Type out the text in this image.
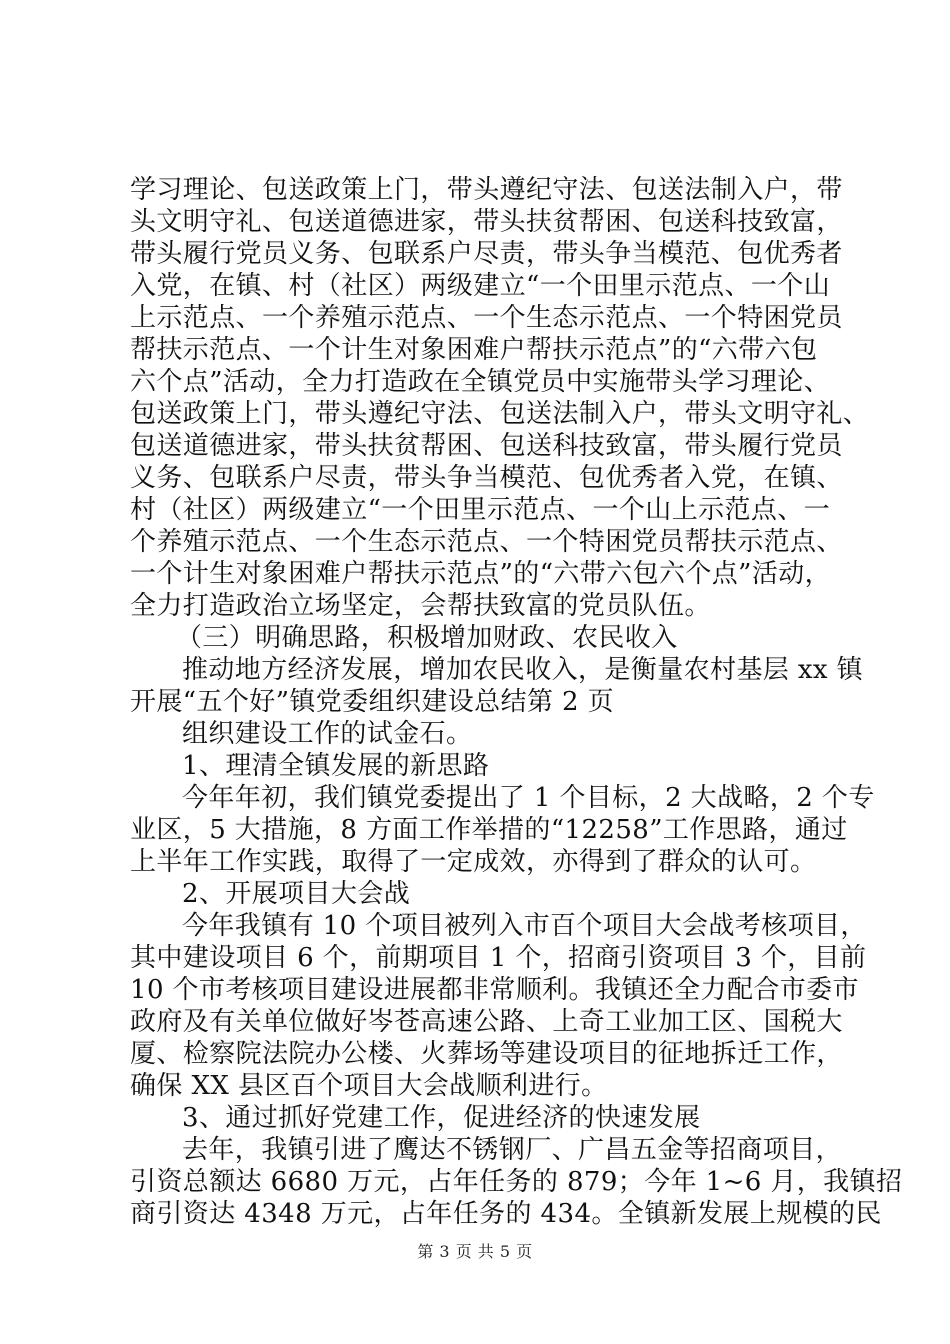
学习理论、包送政策上门，带头遵纪守法、包送法制入户，带
头文明守礼、包送道德进家，带头扶贫帮困、包送科技致富，
带头履行党员义务、包联系户尽责，带头争当模范、包优秀者
入党，在镇、村（社区）两级建立“一个田里示范点、一个山
上示范点、一个养殖示范点、一个生态示范点、一个特困党员
帮扶示范点、一个计生对象困难户帮扶示范点”的“六带六包
六个点”活动，全力打造政在全镇党员中实施带头学习理论、
包送政策上门，带头遵纪守法、包送法制入户，带头文明守礼、
包送道德进家，带头扶贫帮困、包送科技致富，带头履行党员
义务、包联系户尽责，带头争当模范、包优秀者入党，在镇、
村（社区）两级建立“一个田里示范点、一个山上示范点、一
个养殖示范点、一个生态示范点、一个特困党员帮扶示范点、
一个计生对象困难户帮扶示范点”的“六带六包六个点”活动，
全力打造政治立场坚定，会帮扶致富的党员队伍。
（三）明确思路，积极增加财政、农民收入
推动地方经济发展，增加农民收入，是衡量农村基层 xx 镇
开展“五个好”镇党委组织建设总结第 2 页
组织建设工作的试金石。
1、理清全镇发展的新思路
今年年初，我们镇党委提出了 1 个目标，2 大战略，2 个专
业区，5 大措施，8 方面工作举措的“12258”工作思路，通过
上半年工作实践，取得了一定成效，亦得到了群众的认可。
2、开展项目大会战
今年我镇有 10 个项目被列入市百个项目大会战考核项目，
其中建设项目 6 个，前期项目 1 个，招商引资项目 3 个，目前
10 个市考核项目建设进展都非常顺利。我镇还全力配合市委市
政府及有关单位做好岑苍高速公路、上奇工业加工区、国税大
厦、检察院法院办公楼、火葬场等建设项目的征地拆迁工作，
确保 XX 县区百个项目大会战顺利进行。
3、通过抓好党建工作，促进经济的快速发展
去年，我镇引进了鹰达不锈钢厂、广昌五金等招商项目，
引资总额达 6680 万元，占年任务的 879；今年 1~6 月，我镇招
商引资达 4348 万元，占年任务的 434。全镇新发展上规模的民
第 3 页 共 5 页
